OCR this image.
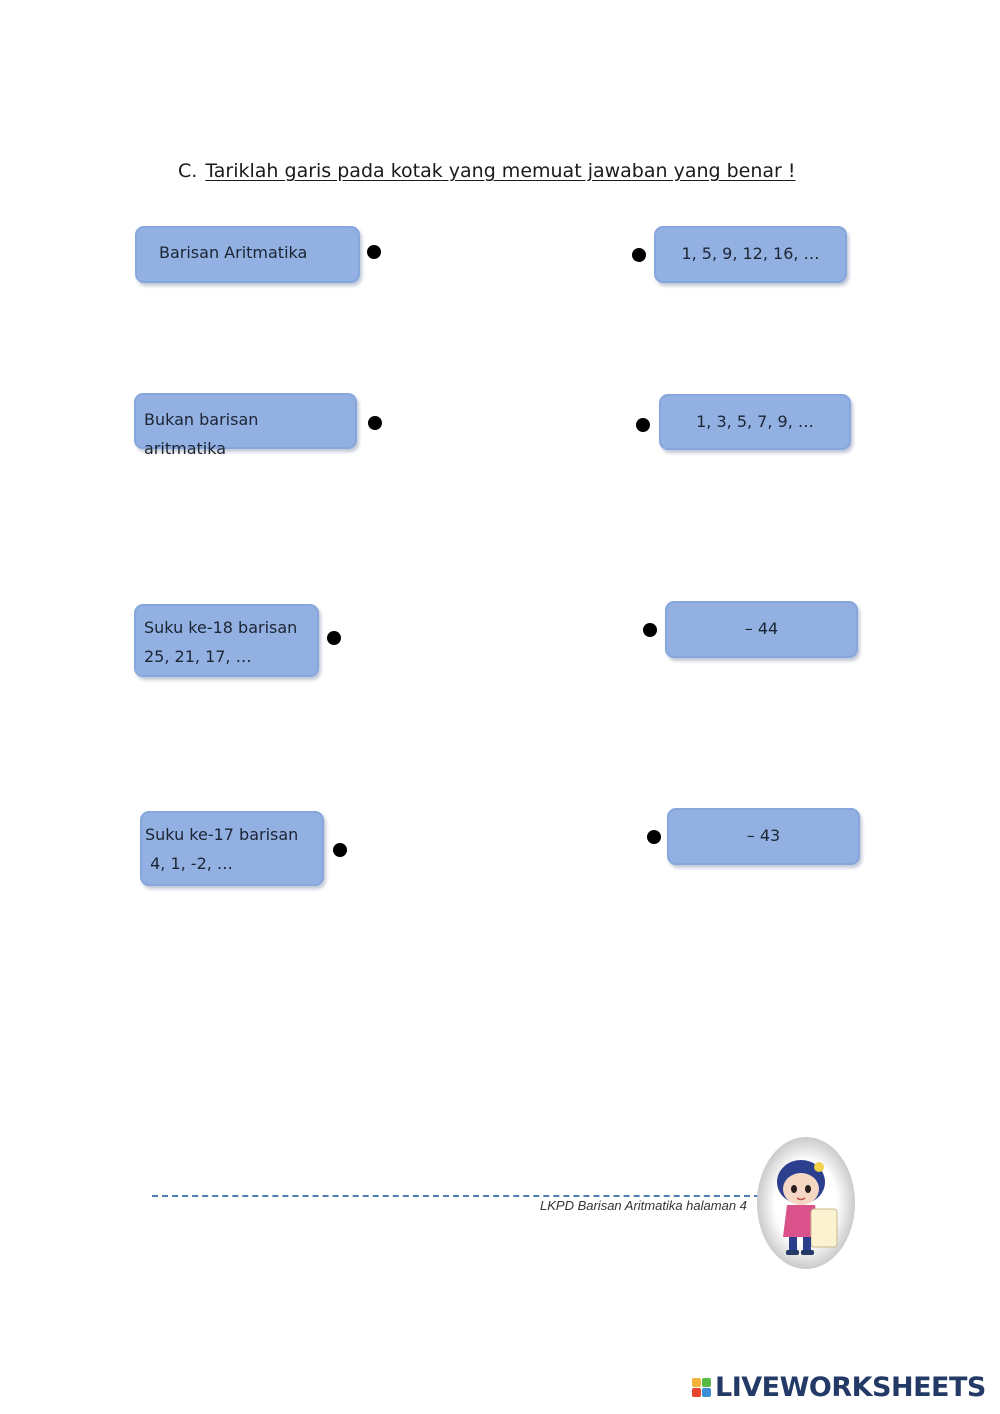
C. Tariklah garis pada kotak yang memuat jawaban yang benar !
Barisan Aritmatika
Bukan barisan aritmatika
Suku ke-18 barisan
25, 21, 17, …
Suku ke-17 barisan
4, 1, -2, …
1, 5, 9, 12, 16, …
1, 3, 5, 7, 9, …
– 44
– 43
LKPD Barisan Aritmatika halaman 4
LIVEWORKSHEETS
